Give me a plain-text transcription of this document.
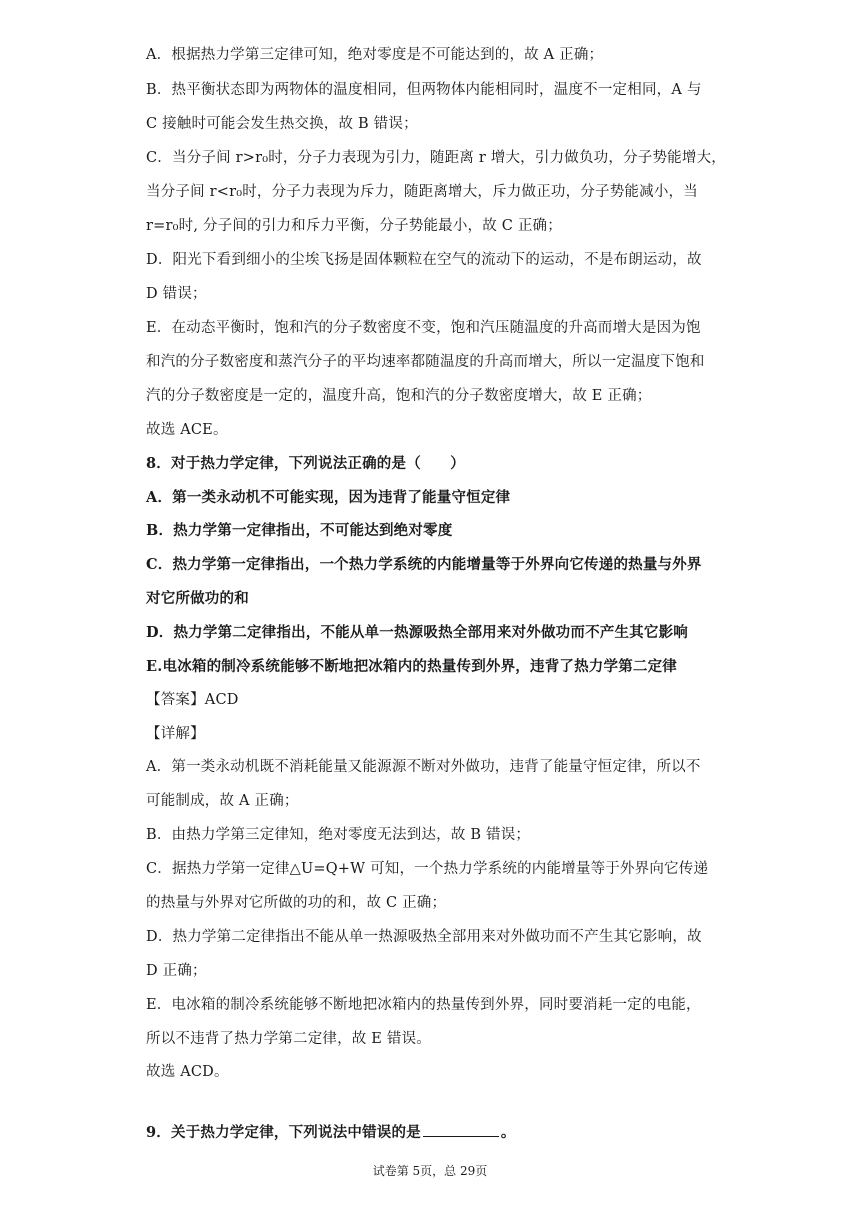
A．根据热力学第三定律可知，绝对零度是不可能达到的，故 A 正确；
B．热平衡状态即为两物体的温度相同，但两物体内能相同时，温度不一定相同，A 与
C 接触时可能会发生热交换，故 B 错误；
C．当分子间 r>r₀时，分子力表现为引力，随距离 r 增大，引力做负功，分子势能增大，
当分子间 r<r₀时，分子力表现为斥力，随距离增大，斥力做正功，分子势能减小，当
r=r₀时, 分子间的引力和斥力平衡，分子势能最小，故 C 正确；
D．阳光下看到细小的尘埃飞扬是固体颗粒在空气的流动下的运动，不是布朗运动，故
D 错误；
E．在动态平衡时，饱和汽的分子数密度不变，饱和汽压随温度的升高而增大是因为饱
和汽的分子数密度和蒸汽分子的平均速率都随温度的升高而增大，所以一定温度下饱和
汽的分子数密度是一定的，温度升高，饱和汽的分子数密度增大，故 E 正确；
故选 ACE。
8．对于热力学定律，下列说法正确的是（　　）
A．第一类永动机不可能实现，因为违背了能量守恒定律
B．热力学第一定律指出，不可能达到绝对零度
C．热力学第一定律指出，一个热力学系统的内能增量等于外界向它传递的热量与外界
对它所做功的和
D．热力学第二定律指出，不能从单一热源吸热全部用来对外做功而不产生其它影响
E.电冰箱的制冷系统能够不断地把冰箱内的热量传到外界，违背了热力学第二定律
【答案】ACD
【详解】
A．第一类永动机既不消耗能量又能源源不断对外做功，违背了能量守恒定律，所以不
可能制成，故 A 正确；
B．由热力学第三定律知，绝对零度无法到达，故 B 错误；
C．据热力学第一定律△U=Q+W 可知，一个热力学系统的内能增量等于外界向它传递
的热量与外界对它所做的功的和，故 C 正确；
D．热力学第二定律指出不能从单一热源吸热全部用来对外做功而不产生其它影响，故
D 正确；
E．电冰箱的制冷系统能够不断地把冰箱内的热量传到外界，同时要消耗一定的电能，
所以不违背了热力学第二定律，故 E 错误。
故选 ACD。
9．关于热力学定律，下列说法中错误的是	。
试卷第 5页，总 29页
